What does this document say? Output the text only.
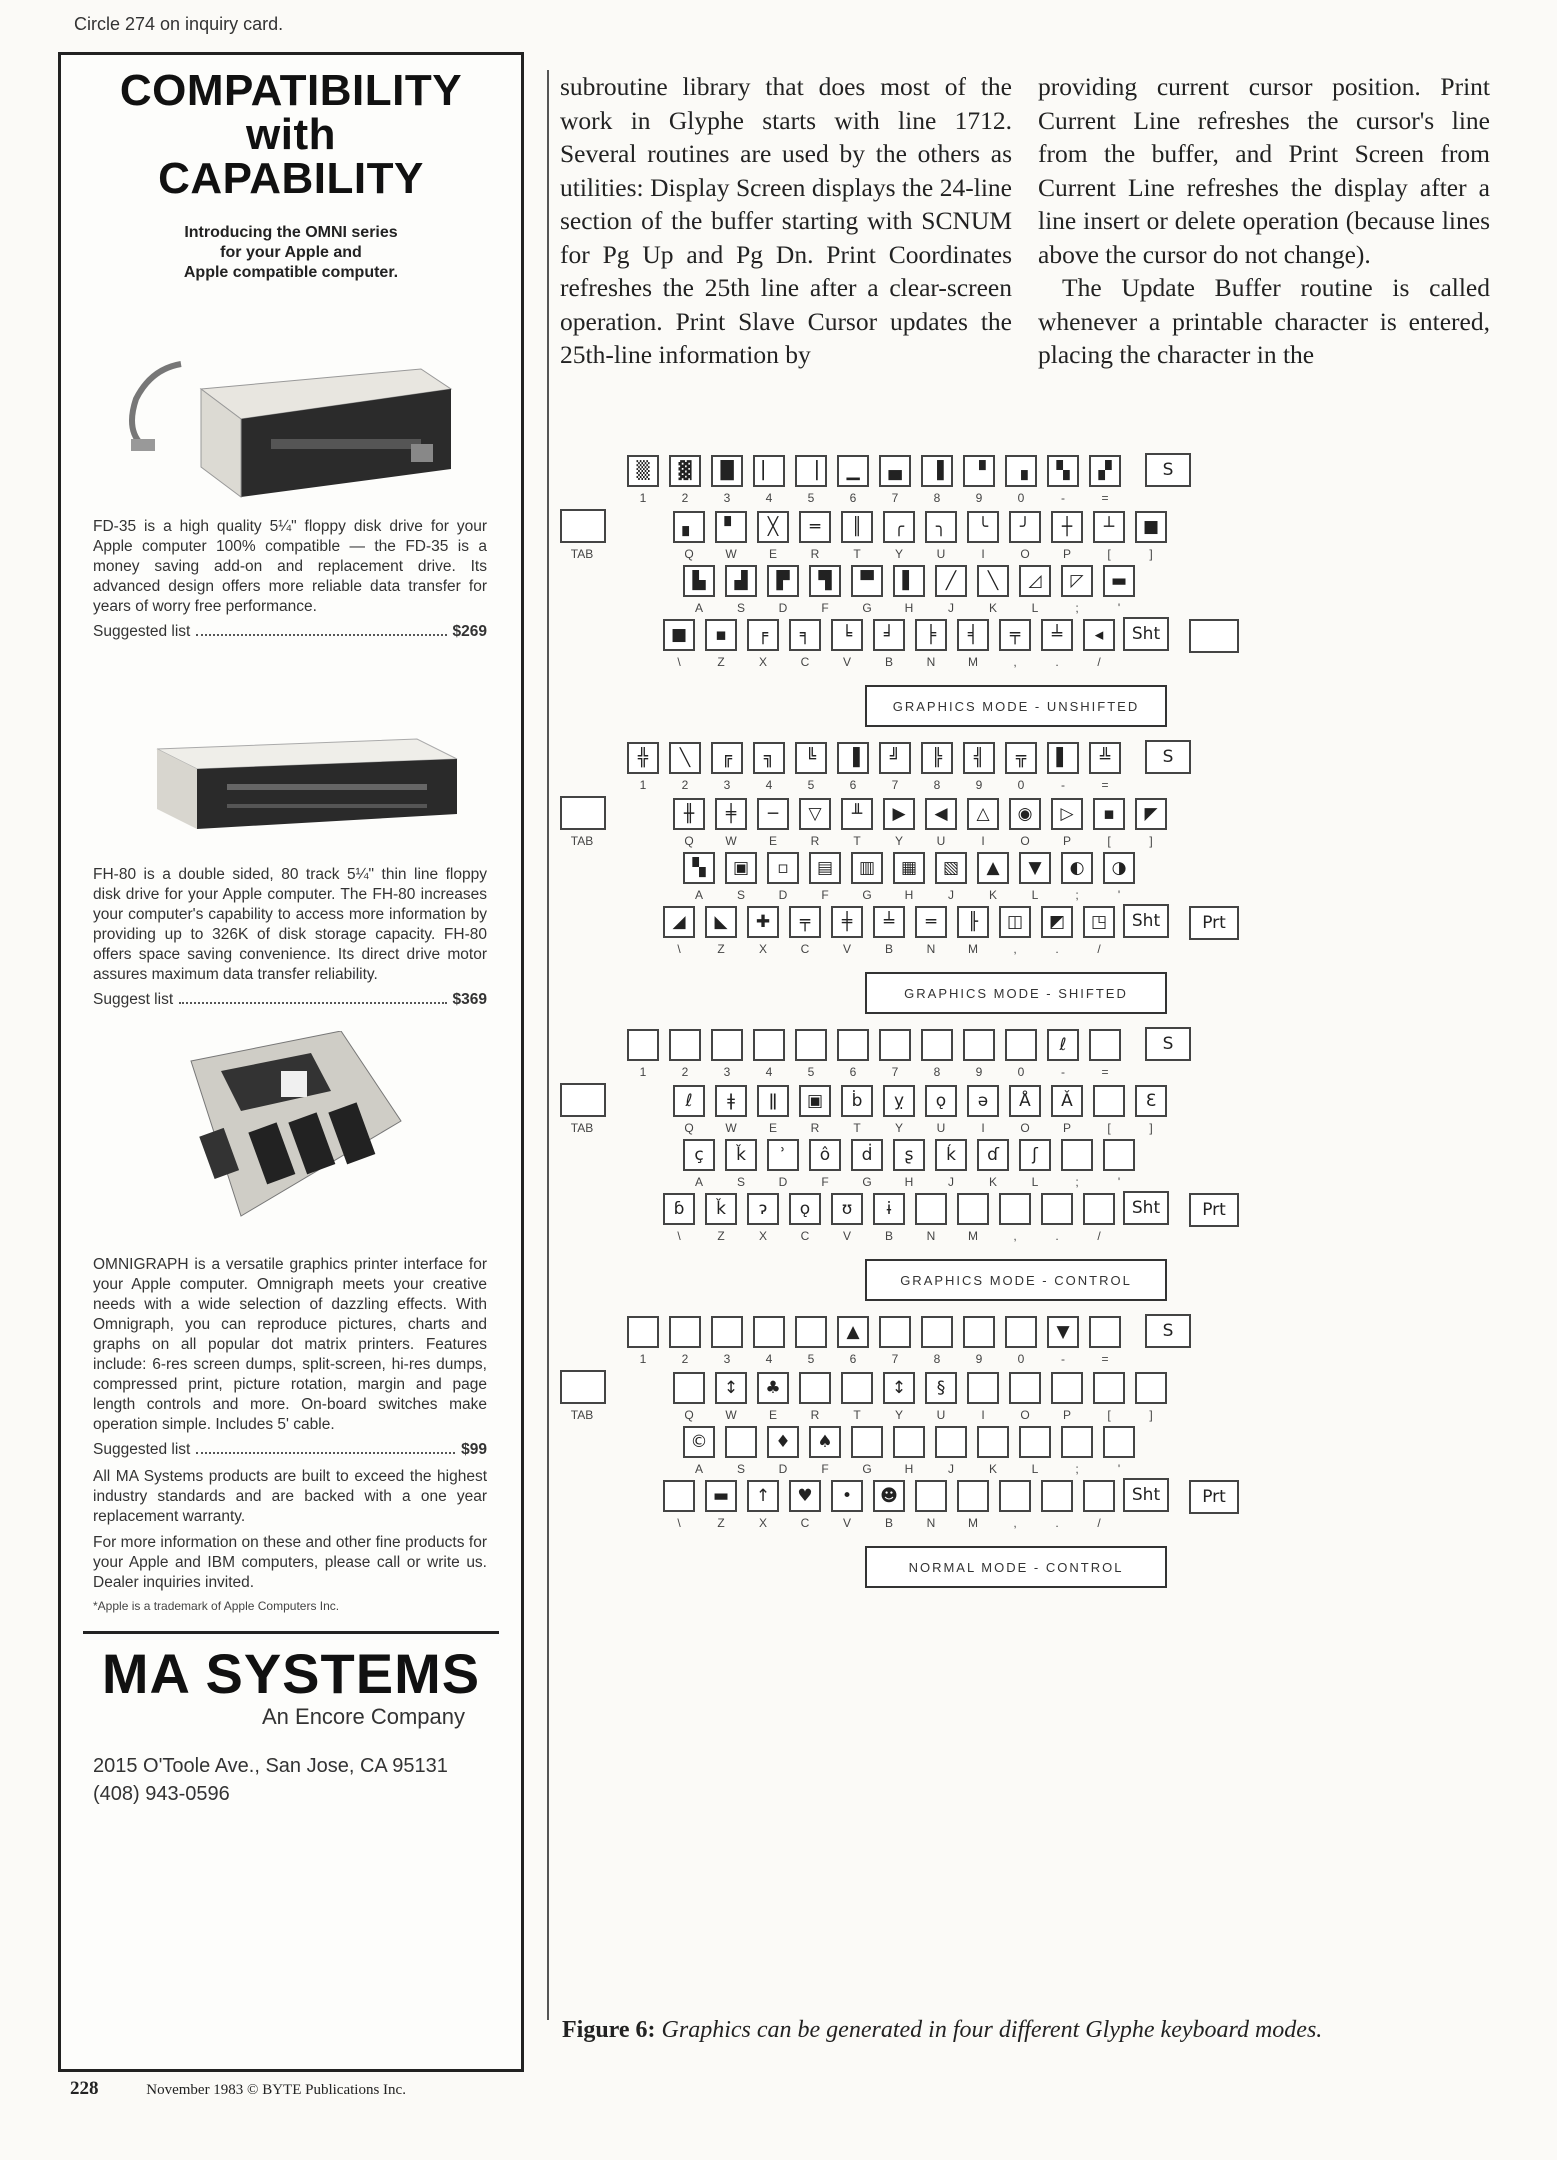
Circle 274 on inquiry card.
COMPATIBILITY
with
CAPABILITY
Introducing the OMNI series
for your Apple and
Apple compatible computer.
FD-35 is a high quality 5¼" floppy disk drive for your Apple computer 100% compatible — the FD-35 is a money saving add-on and replacement drive. Its advanced design offers more reliable data transfer for years of worry free performance.
Suggested list	$269
FH-80 is a double sided, 80 track 5¼" thin line floppy disk drive for your Apple computer. The FH-80 increases your computer's capability to access more information by providing up to 326K of disk storage capacity. FH-80 offers space saving convenience. Its direct drive motor assures maximum data transfer reliability.
Suggest list	$369
OMNIGRAPH is a versatile graphics printer interface for your Apple computer. Omnigraph meets your creative needs with a wide selection of dazzling effects. With Omnigraph, you can reproduce pictures, charts and graphs on all popular dot matrix printers. Features include: 6-res screen dumps, split-screen, hi-res dumps, compressed print, picture rotation, margin and page length controls and more. On-board switches make operation simple. Includes 5' cable.
Suggested list	$99
All MA Systems products are built to exceed the highest industry standards and are backed with a one year replacement warranty.
For more information on these and other fine products for your Apple and IBM computers, please call or write us. Dealer inquiries invited.
*Apple is a trademark of Apple Computers Inc.
MA SYSTEMS
An Encore Company
2015 O'Toole Ave., San Jose, CA 95131
(408) 943-0596

subroutine library that does most of the work in Glyphe starts with line 1712. Several routines are used by the others as utilities: Display Screen displays the 24-line section of the buffer starting with SCNUM for Pg Up and Pg Dn. Print Coordinates refreshes the 25th line after a clear-screen operation. Print Slave Cursor updates the 25th-line information by

providing current cursor position. Print Current Line refreshes the cursor's line from the buffer, and Print Screen from Current Line refreshes the display after a line insert or delete operation (because lines above the cursor do not change).

The Update Buffer routine is called whenever a printable character is entered, placing the character in the

▒	▓	█	▏	▕	▁	▄	▐	▝	▗	▚	▞
1	2	3	4	5	6	7	8	9	0	-	=
▖	▘	╳	═	║	╭	╮	╰	╯	┼	┴	■
TAB	Q	W	E	R	T	Y	U	I	O	P	[	]
▙	▟	▛	▜	▀	▌	╱	╲	◿	◸	▬
A	S	D	F	G	H	J	K	L	;	'
■	▪	╒	╕	╘	╛	╞	╡	╤	╧	◂
\	Z	X	C	V	B	N	M	,	.	/
S
Sht
GRAPHICS MODE - UNSHIFTED
╬	╲	╔	╗	╚	▐	╝	╠	╣	╦	▌	╩
1	2	3	4	5	6	7	8	9	0	-	=
╫	╪	─	▽	╨	▶	◀	△	◉	▷	▪	◤
TAB	Q	W	E	R	T	Y	U	I	O	P	[	]
▚	▣	▫	▤	▥	▦	▧	▲	▼	◐	◑
A	S	D	F	G	H	J	K	L	;	'
◢	◣	✚	╤	╪	╧	═	╟	◫	◩	◳
\	Z	X	C	V	B	N	M	,	.	/
S
Sht	Prt
GRAPHICS MODE - SHIFTED
ℓ
1	2	3	4	5	6	7	8	9	0	-	=
ℓ	ǂ	ǁ	▣	ḃ	ỵ	ǫ	ǝ	Å	Ǎ	Ɛ
TAB	Q	W	E	R	T	Y	U	I	O	P	[	]
ç	ǩ	ʾ	ô	ḋ	ʂ	ḱ	ɗ	ʃ
A	S	D	F	G	H	J	K	L	;	'
ɓ	ǩ	ɂ	ǫ	ʊ	ɨ
\	Z	X	C	V	B	N	M	,	.	/
S
Sht	Prt
GRAPHICS MODE - CONTROL
▲	▼
1	2	3	4	5	6	7	8	9	0	-	=
↕	♣	↕	§
TAB	Q	W	E	R	T	Y	U	I	O	P	[	]
©	♦	♠
A	S	D	F	G	H	J	K	L	;	'
▬	↑	♥	•	☻
\	Z	X	C	V	B	N	M	,	.	/
S
Sht	Prt
NORMAL MODE - CONTROL
Figure 6: Graphics can be generated in four different Glyphe keyboard modes.
228	November 1983 © BYTE Publications Inc.
